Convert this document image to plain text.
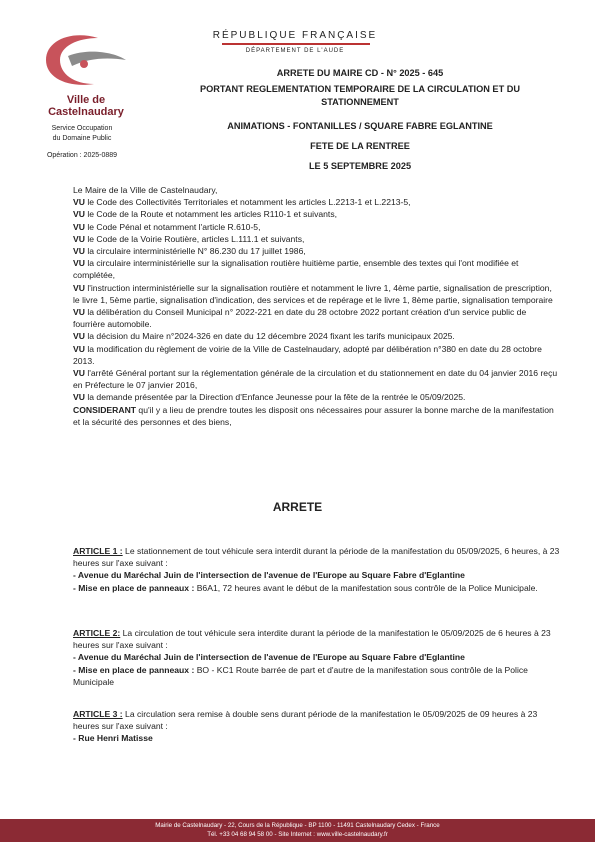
Ville de Castelnaudary
Service Occupation
du Domaine Public
Opération : 2025-0889
RÉPUBLIQUE FRANÇAISE
DÉPARTEMENT DE L'AUDE
ARRETE DU MAIRE CD - N° 2025 - 645
PORTANT REGLEMENTATION TEMPORAIRE DE LA CIRCULATION ET DU
STATIONNEMENT
ANIMATIONS - FONTANILLES / SQUARE FABRE EGLANTINE
FETE DE LA RENTREE
LE 5 SEPTEMBRE 2025

Le Maire de la Ville de Castelnaudary,

VU le Code des Collectivités Territoriales et notamment les articles L.2213-1 et L.2213-5,

VU le Code de la Route et notamment les articles R110-1 et suivants,

VU le Code Pénal et notamment l'article R.610-5,

VU le Code de la Voirie Routière, articles L.111.1 et suivants,

VU la circulaire interministérielle N° 86.230 du 17 juillet 1986,

VU la circulaire interministérielle sur la signalisation routière huitième partie, ensemble des textes qui l'ont modifiée et complétée,

VU l'instruction interministérielle sur la signalisation routière et notamment le livre 1, 4ème partie, signalisation de prescription, le livre 1, 5ème partie, signalisation d'indication, des services et de repérage et le livre 1, 8ème partie, signalisation temporaire

VU la délibération du Conseil Municipal n° 2022-221 en date du 28 octobre 2022 portant création d'un service public de fourrière automobile.

VU la décision du Maire n°2024-326 en date du 12 décembre 2024 fixant les tarifs municipaux 2025.

VU la modification du règlement de voirie de la Ville de Castelnaudary, adopté par délibération n°380 en date du 28 octobre 2013.

VU l'arrêté Général portant sur la réglementation générale de la circulation et du stationnement en date du 04 janvier 2016 reçu en Préfecture le 07 janvier 2016,

VU la demande présentée par la Direction d'Enfance Jeunesse pour la fête de la rentrée le 05/09/2025.

CONSIDERANT qu'il y a lieu de prendre toutes les disposit ons nécessaires pour assurer la bonne marche de la manifestation et la sécurité des personnes et des biens,

ARRETE

ARTICLE 1 : Le stationnement de tout véhicule sera interdit durant la période de la manifestation du 05/09/2025, 6 heures, à 23 heures sur l'axe suivant :

- Avenue du Maréchal Juin de l'intersection de l'avenue de l'Europe au Square Fabre d'Eglantine

- Mise en place de panneaux : B6A1, 72 heures avant le début de la manifestation sous contrôle de la Police Municipale.

ARTICLE 2: La circulation de tout véhicule sera interdite durant la période de la manifestation le 05/09/2025 de 6 heures à 23 heures sur l'axe suivant :

- Avenue du Maréchal Juin de l'intersection de l'avenue de l'Europe au Square Fabre d'Eglantine

- Mise en place de panneaux : BO - KC1 Route barrée de part et d'autre de la manifestation sous contrôle de la Police Municipale

ARTICLE 3 : La circulation sera remise à double sens durant période de la manifestation le 05/09/2025 de 09 heures à 23 heures sur l'axe suivant :

- Rue Henri Matisse

Mairie de Castelnaudary - 22, Cours de la République - BP 1100 - 11491 Castelnaudary Cedex - France
Tél. +33 04 68 94 58 00 - Site Internet : www.ville-castelnaudary.fr
